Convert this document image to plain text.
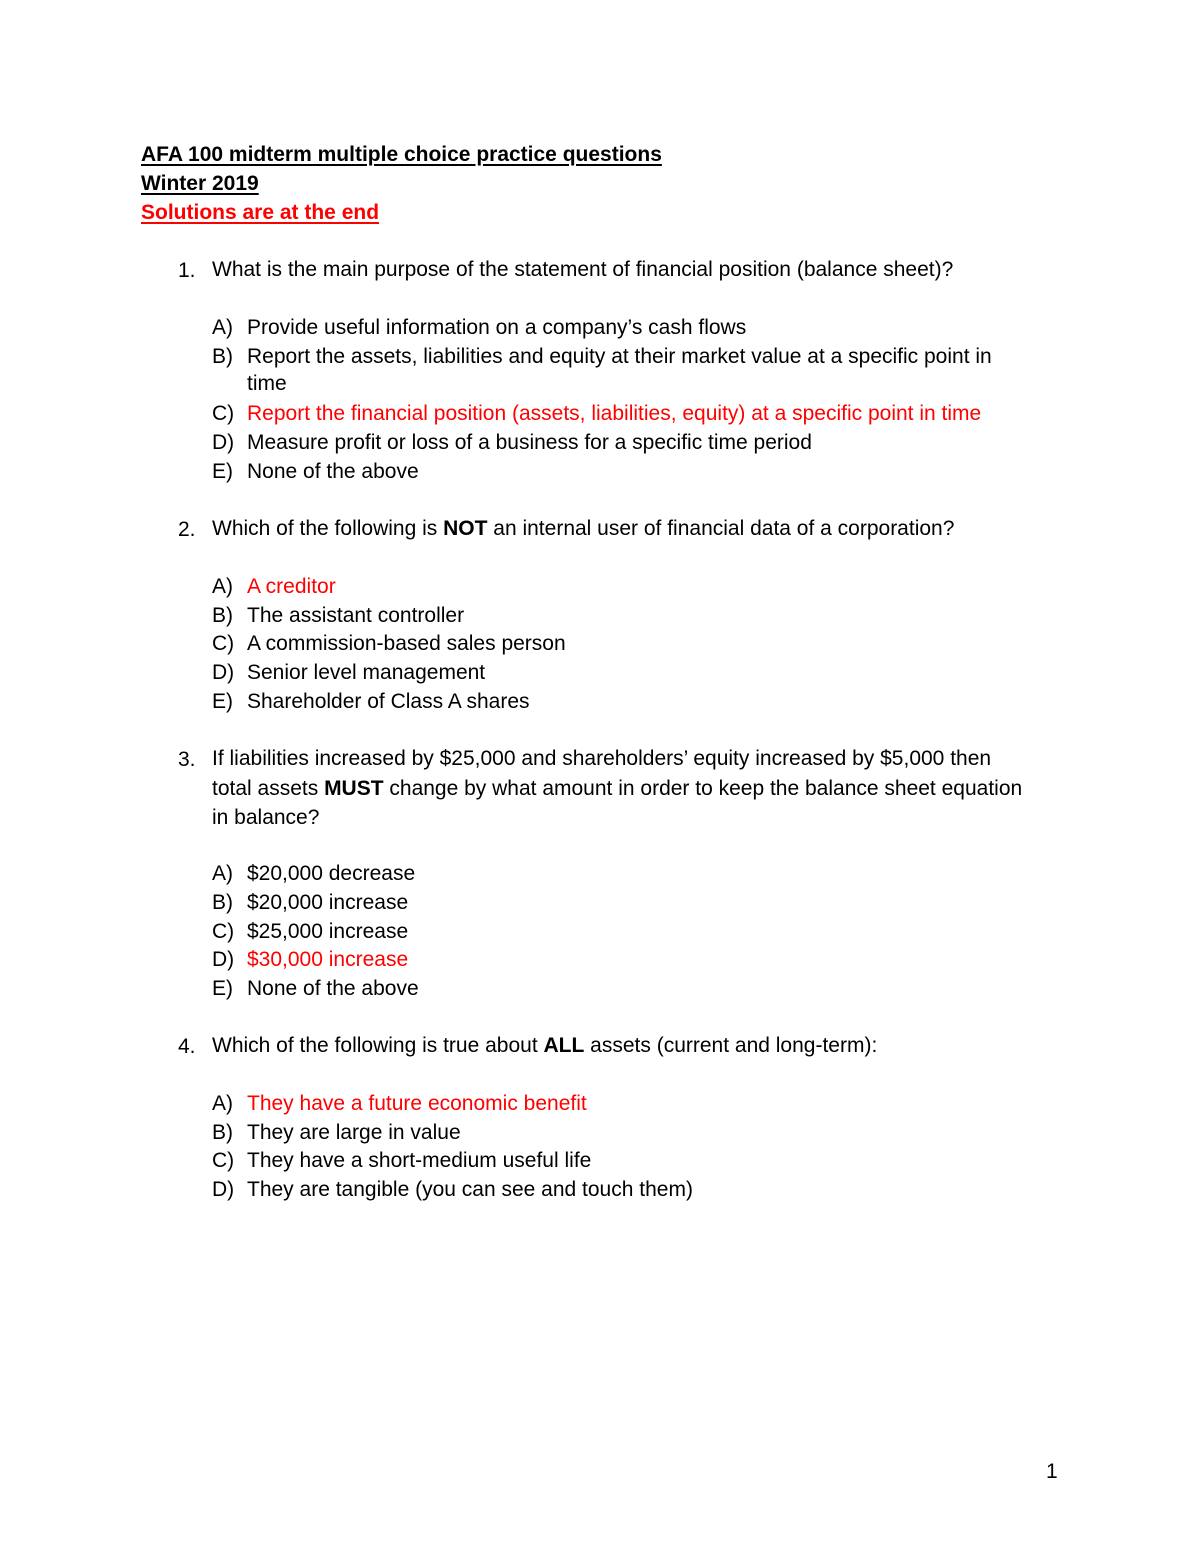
AFA 100 midterm multiple choice practice questions
Winter 2019
Solutions are at the end
1. What is the main purpose of the statement of financial position (balance sheet)?
A) Provide useful information on a company’s cash flows
B) Report the assets, liabilities and equity at their market value at a specific point in
time
C) Report the financial position (assets, liabilities, equity) at a specific point in time
D) Measure profit or loss of a business for a specific time period
E) None of the above
2. Which of the following is NOT an internal user of financial data of a corporation?
A) A creditor
B) The assistant controller
C) A commission-based sales person
D) Senior level management
E) Shareholder of Class A shares
3. If liabilities increased by $25,000 and shareholders’ equity increased by $5,000 then
total assets MUST change by what amount in order to keep the balance sheet equation
in balance?
A) $20,000 decrease
B) $20,000 increase
C) $25,000 increase
D) $30,000 increase
E) None of the above
4. Which of the following is true about ALL assets (current and long-term):
A) They have a future economic benefit
B) They are large in value
C) They have a short-medium useful life
D) They are tangible (you can see and touch them)
1
